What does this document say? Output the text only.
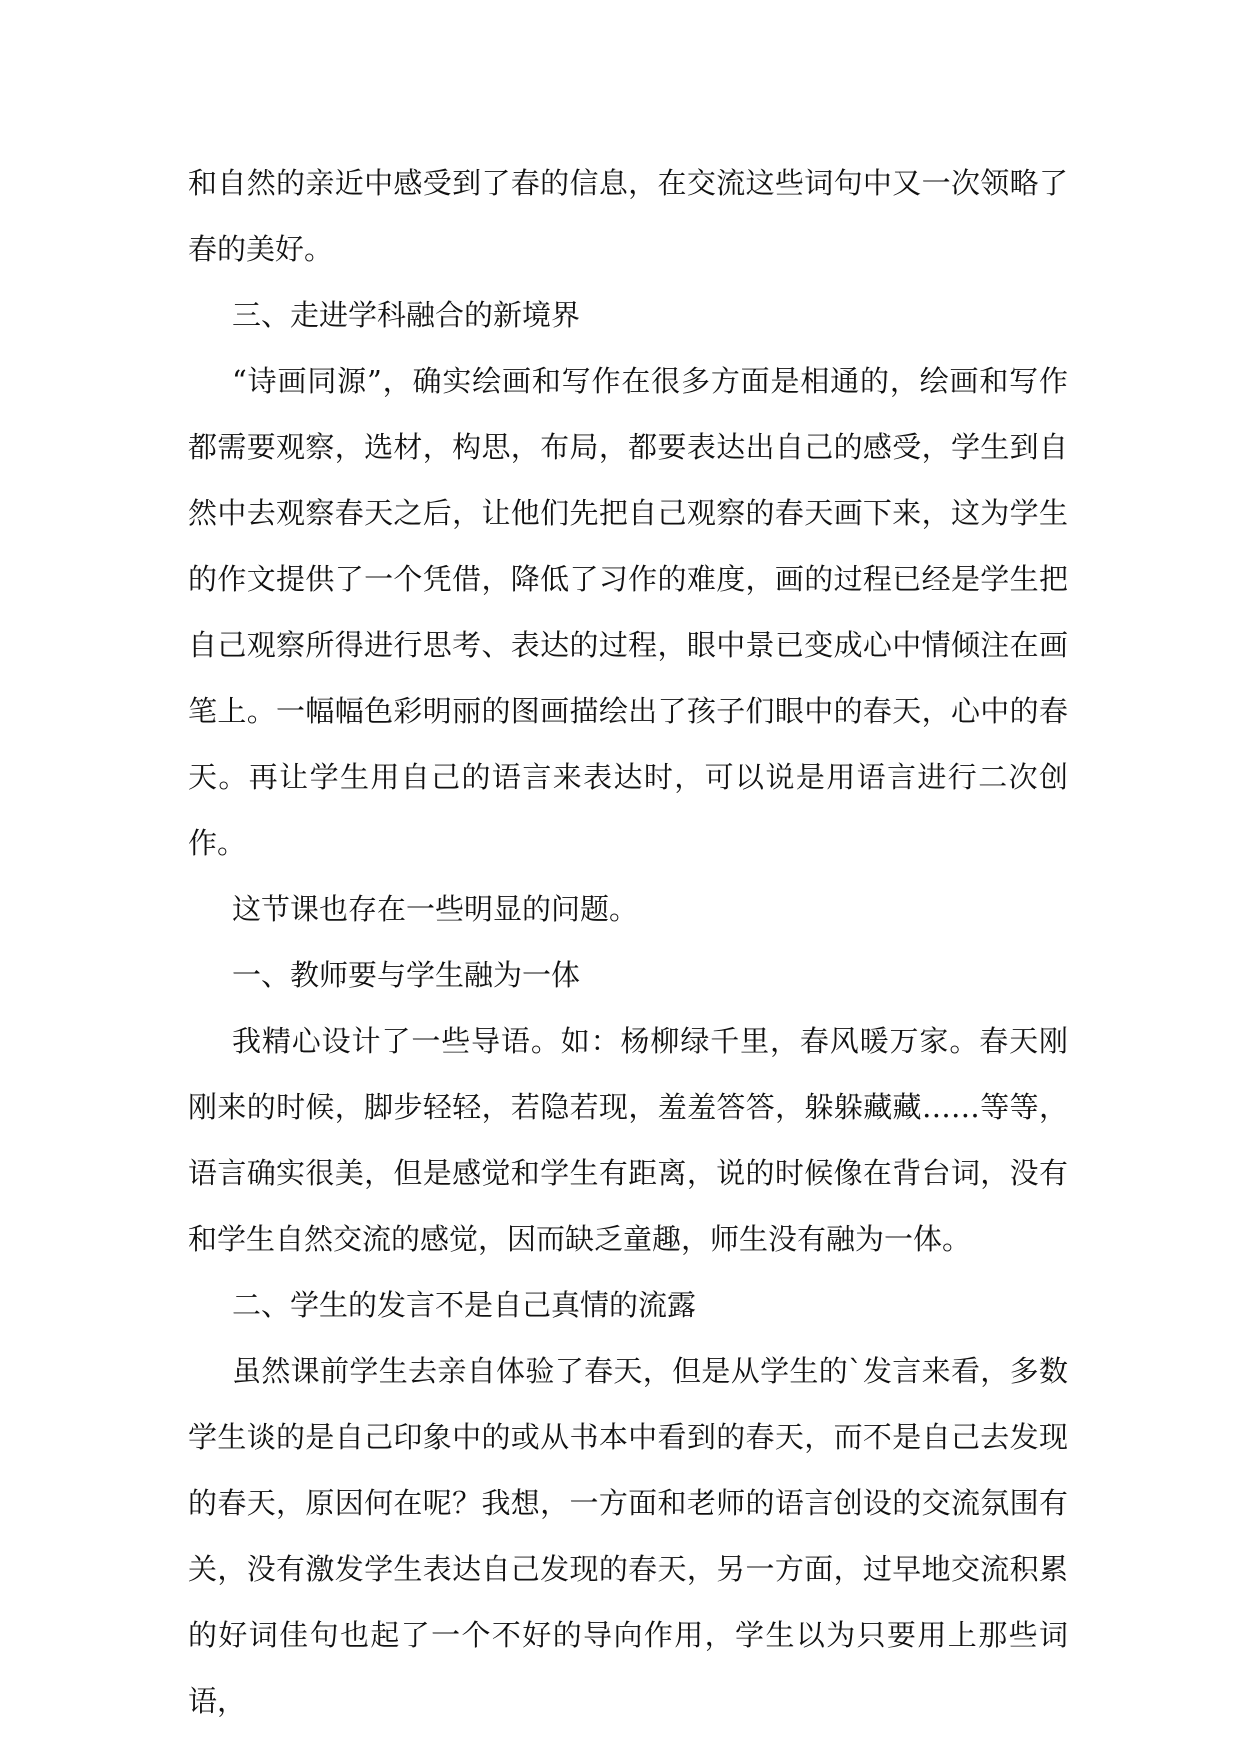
和自然的亲近中感受到了春的信息，在交流这些词句中又一次领略了春的美好。

三、走进学科融合的新境界

“诗画同源”，确实绘画和写作在很多方面是相通的，绘画和写作都需要观察，选材，构思，布局，都要表达出自己的感受，学生到自然中去观察春天之后，让他们先把自己观察的春天画下来，这为学生的作文提供了一个凭借，降低了习作的难度，画的过程已经是学生把自己观察所得进行思考、表达的过程，眼中景已变成心中情倾注在画笔上。一幅幅色彩明丽的图画描绘出了孩子们眼中的春天，心中的春天。再让学生用自己的语言来表达时，可以说是用语言进行二次创作。

这节课也存在一些明显的问题。

一、教师要与学生融为一体

我精心设计了一些导语。如：杨柳绿千里，春风暖万家。春天刚刚来的时候，脚步轻轻，若隐若现，羞羞答答，躲躲藏藏……等等，语言确实很美，但是感觉和学生有距离，说的时候像在背台词，没有和学生自然交流的感觉，因而缺乏童趣，师生没有融为一体。

二、学生的发言不是自己真情的流露

虽然课前学生去亲自体验了春天，但是从学生的`发言来看，多数学生谈的是自己印象中的或从书本中看到的春天，而不是自己去发现的春天，原因何在呢？我想，一方面和老师的语言创设的交流氛围有关，没有激发学生表达自己发现的春天，另一方面，过早地交流积累的好词佳句也起了一个不好的导向作用，学生以为只要用上那些词语，
